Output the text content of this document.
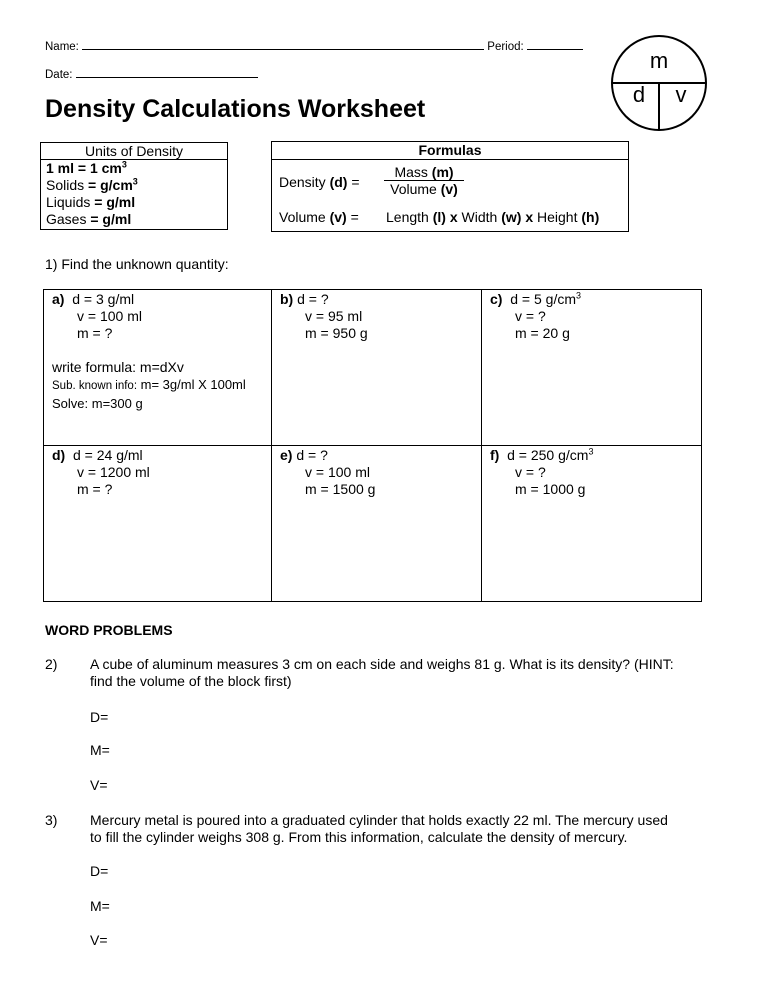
Name:	Period:
Date:
Density Calculations Worksheet
m
d v
Units of Density
1 ml = 1 $cm^3$
Solids = $g/cm^3$
Liquids = g/ml
Gases = g/ml
Formulas
Density (d) =
Mass (m)
Volume (v)
Volume (v) = Length (l) x Width (w) x Height (h)
1) Find the unknown quantity:
a) d = 3 g/ml
v = 100 ml
m = ?
write formula: m=dXv
Sub. known info: m= 3g/ml X 100ml
Solve: m=300 g
b) d = ?
v = 95 ml
m = 950 g
c) d = 5 $g/cm^3$
v = ?
m = 20 g
d) d = 24 g/ml
v = 1200 ml
m = ?
e) d = ?
v = 100 ml
m = 1500 g
f) d = 250 $g/cm^3$
v = ?
m = 1000 g
WORD PROBLEMS
2) A cube of aluminum measures 3 cm on each side and weighs 81 g. What is its density? (HINT:
find the volume of the block first)
D=
M=
V=
3) Mercury metal is poured into a graduated cylinder that holds exactly 22 ml. The mercury used
to fill the cylinder weighs 308 g. From this information, calculate the density of mercury.
D=
M=
V=
